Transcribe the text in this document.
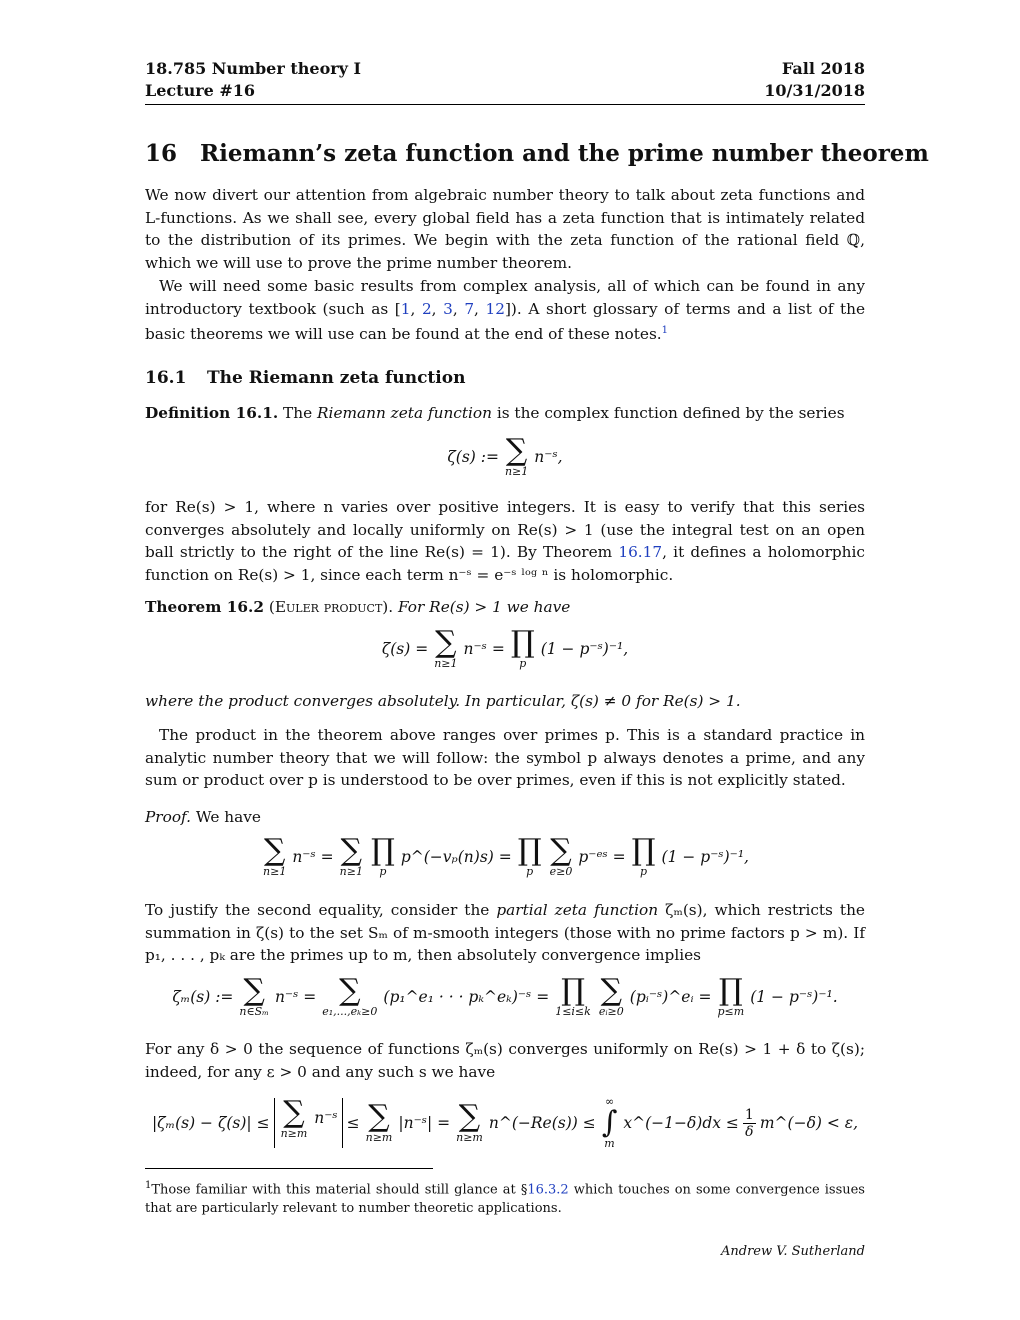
18.785 Number theory I	Fall 2018
Lecture #16	10/31/2018
16 Riemann’s zeta function and the prime number theorem

We now divert our attention from algebraic number theory to talk about zeta functions and L-functions. As we shall see, every global field has a zeta function that is intimately related to the distribution of its primes. We begin with the zeta function of the rational field ℚ, which we will use to prove the prime number theorem.

We will need some basic results from complex analysis, all of which can be found in any introductory textbook (such as [1, 2, 3, 7, 12]). A short glossary of terms and a list of the basic theorems we will use can be found at the end of these notes.$^1$

16.1 The Riemann zeta function

Definition 16.1. The Riemann zeta function is the complex function defined by the series

ζ(s) := ∑
n≥1
n⁻ˢ,

for Re(s) > 1, where n varies over positive integers. It is easy to verify that this series converges absolutely and locally uniformly on Re(s) > 1 (use the integral test on an open ball strictly to the right of the line Re(s) = 1). By Theorem 16.17, it defines a holomorphic function on Re(s) > 1, since each term n⁻ˢ = e⁻ˢ ˡᵒᵍ ⁿ is holomorphic.

Theorem 16.2 (Euler product). For Re(s) > 1 we have

ζ(s) = ∑
n≥1
n⁻ˢ = ∏
p
(1 − p⁻ˢ)⁻¹,

where the product converges absolutely. In particular, ζ(s) ≠ 0 for Re(s) > 1.

The product in the theorem above ranges over primes p. This is a standard practice in analytic number theory that we will follow: the symbol p always denotes a prime, and any sum or product over p is understood to be over primes, even if this is not explicitly stated.

Proof. We have

∑
n≥1
n⁻ˢ = ∑
n≥1
∏
p
p^(−vₚ(n)s) = ∏
p
∑
e≥0
p⁻ᵉˢ = ∏
p
(1 − p⁻ˢ)⁻¹,

To justify the second equality, consider the partial zeta function ζₘ(s), which restricts the summation in ζ(s) to the set Sₘ of m-smooth integers (those with no prime factors p > m). If p₁, . . . , pₖ are the primes up to m, then absolutely convergence implies

ζₘ(s) := ∑
n∈Sₘ
n⁻ˢ = ∑
e₁,...,eₖ≥0
(p₁^e₁ · · · pₖ^eₖ)⁻ˢ = ∏
1≤i≤k
∑
eᵢ≥0
(pᵢ⁻ˢ)^eᵢ = ∏
p≤m
(1 − p⁻ˢ)⁻¹.

For any δ > 0 the sequence of functions ζₘ(s) converges uniformly on Re(s) > 1 + δ to ζ(s); indeed, for any ε > 0 and any such s we have

|ζₘ(s) − ζ(s)| ≤ ∑
n≥m
n⁻ˢ ≤ ∑
n≥m
|n⁻ˢ| = ∑
n≥m
n^(−Re(s)) ≤
∞
∫
m
x^(−1−δ)dx ≤ $\frac{1}{\delta}$ m^(−δ) < ε,
$^1$Those familiar with this material should still glance at §16.3.2 which touches on some convergence issues that are particularly relevant to number theoretic applications.
Andrew V. Sutherland
